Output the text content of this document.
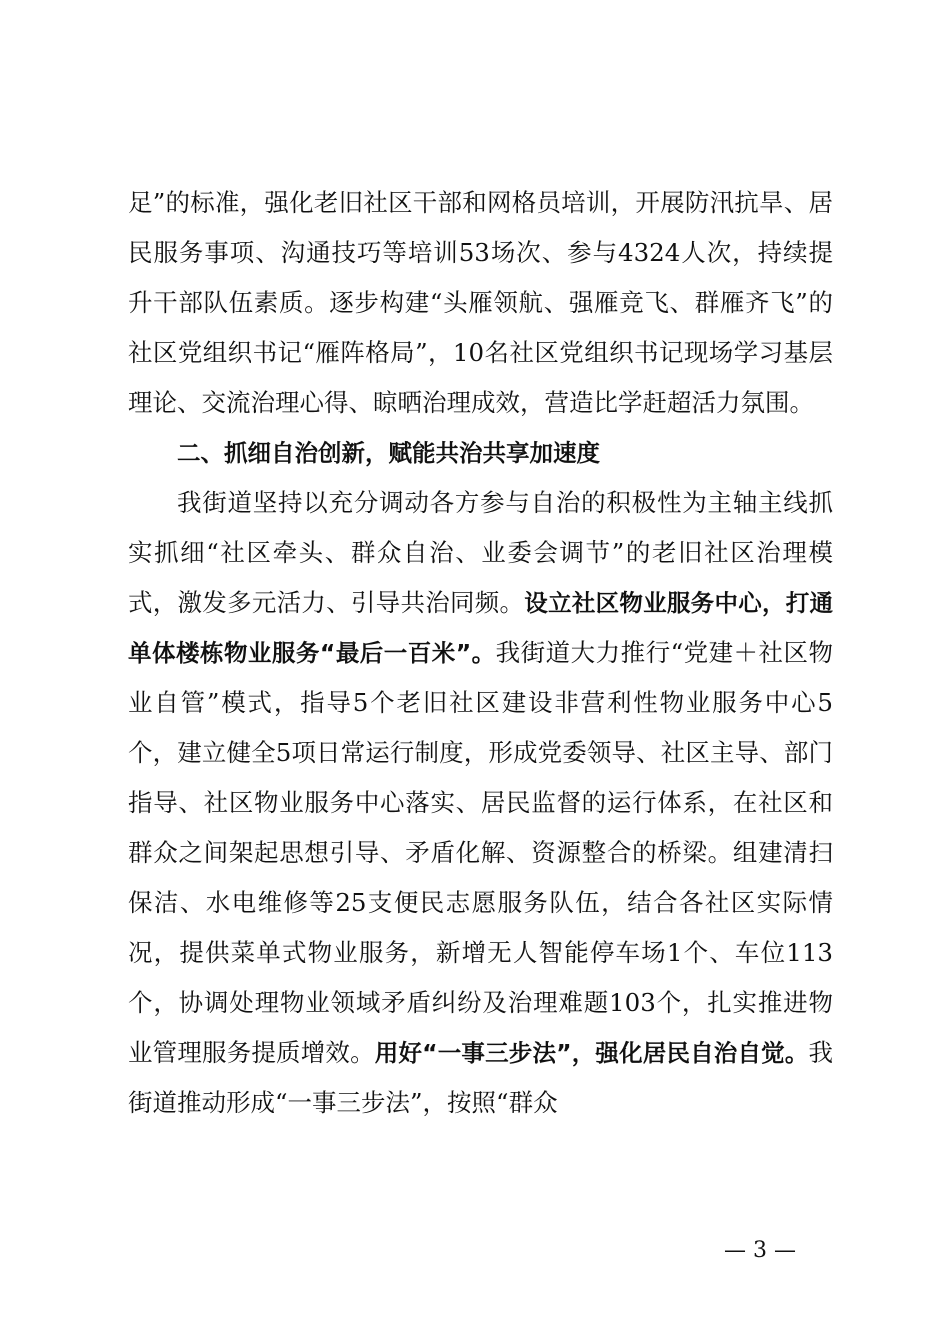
足”的标准，强化老旧社区干部和网格员培训，开展防汛抗旱、居民服务事项、沟通技巧等培训53场次、参与4324人次，持续提升干部队伍素质。逐步构建“头雁领航、强雁竞飞、群雁齐飞”的社区党组织书记“雁阵格局”，10名社区党组织书记现场学习基层理论、交流治理心得、晾晒治理成效，营造比学赶超活力氛围。

二、抓细自治创新，赋能共治共享加速度

我街道坚持以充分调动各方参与自治的积极性为主轴主线抓实抓细“社区牵头、群众自治、业委会调节”的老旧社区治理模式，激发多元活力、引导共治同频。设立社区物业服务中心，打通单体楼栋物业服务“最后一百米”。我街道大力推行“党建＋社区物业自管”模式，指导5个老旧社区建设非营利性物业服务中心5个，建立健全5项日常运行制度，形成党委领导、社区主导、部门指导、社区物业服务中心落实、居民监督的运行体系，在社区和群众之间架起思想引导、矛盾化解、资源整合的桥梁。组建清扫保洁、水电维修等25支便民志愿服务队伍，结合各社区实际情况，提供菜单式物业服务，新增无人智能停车场1个、车位113个，协调处理物业领域矛盾纠纷及治理难题103个，扎实推进物业管理服务提质增效。用好“一事三步法”，强化居民自治自觉。我街道推动形成“一事三步法”，按照“群众

— 3 —
